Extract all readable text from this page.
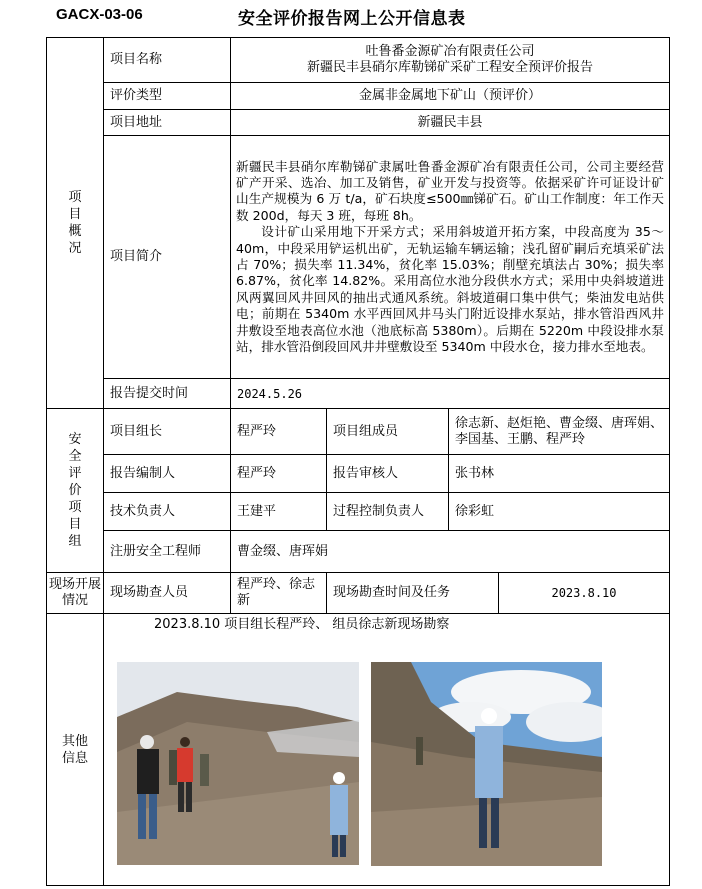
GACX-03-06	安全评价报告网上公开信息表
项目概况	项目名称	吐鲁番金源矿冶有限责任公司
新疆民丰县硝尔库勒锑矿采矿工程安全预评价报告			

	评价类型	金属非金属地下矿山（预评价）			
	项目地址	新疆民丰县			
	项目简介	新疆民丰县硝尔库勒锑矿隶属吐鲁番金源矿冶有限责任公司，公司主要经营矿产开采、选冶、加工及销售，矿业开发与投资等。依据采矿许可证设计矿山生产规模为 6 万 t/a，矿石块度≤500㎜锑矿石。矿山工作制度：年工作天数 200d，每天 3 班，每班 8h。

设计矿山采用地下开采方式；采用斜坡道开拓方案，中段高度为 35～40m，中段采用铲运机出矿，无轨运输车辆运输；浅孔留矿嗣后充填采矿法占 70%；损失率 11.34%，贫化率 15.03%；削壁充填法占 30%；损失率 6.87%，贫化率 14.82%。采用高位水池分段供水方式；采用中央斜坡道进风两翼回风井回风的抽出式通风系统。斜坡道硐口集中供气；柴油发电站供电；前期在 5340m 水平西回风井马头门附近设排水泵站，排水管沿西风井井敷设至地表高位水池（池底标高 5380m）。后期在 5220m 中段设排水泵站，排水管沿倒段回风井井壁敷设至 5340m 中段水仓，接力排水至地表。			

	报告提交时间	2024.5.26			
安全评价项目组	项目组长	程严玲	项目组成员	徐志新、赵炬艳、曹金缀、唐珲娟、李国基、王鹏、程严玲	
	报告编制人	程严玲	报告审核人	张书林	
	技术负责人	王建平	过程控制负责人	徐彩虹	
	注册安全工程师	曹金缀、唐珲娟			
现场开展情况	现场勘查人员	程严玲、徐志新	现场勘查时间及任务		2023.8.10
其他信息	2023.8.10 项目组长程严玲、 组员徐志新现场勘察				
